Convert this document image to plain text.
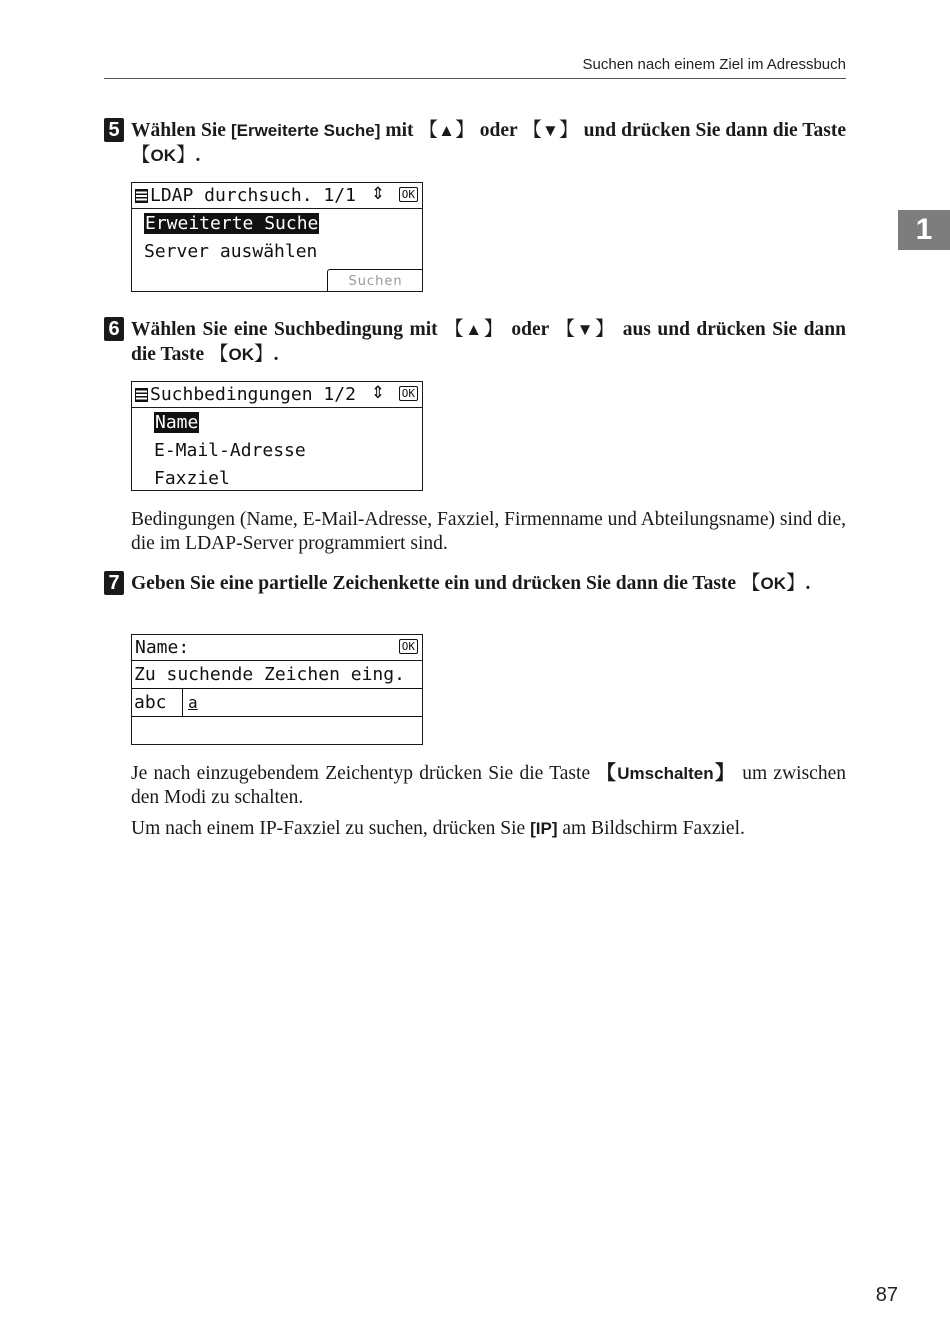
Suchen nach einem Ziel im Adressbuch
1
5 Wählen Sie [Erweiterte Suche] mit 【▲】 oder 【▼】 und drücken Sie dann die Taste 【OK】.
LDAP durchsuch. 1/1 ⇕ OK
Erweiterte Suche
Server auswählen
Suchen
6 Wählen Sie eine Suchbedingung mit 【▲】 oder 【▼】 aus und drücken Sie dann die Taste 【OK】.
Suchbedingungen 1/2 ⇕ OK
Name
E-Mail-Adresse
Faxziel
Bedingungen (Name, E-Mail-Adresse, Faxziel, Firmenname und Abteilungsname) sind die, die im LDAP-Server programmiert sind.
7 Geben Sie eine partielle Zeichenkette ein und drücken Sie dann die Taste 【OK】.
Name:	OK
Zu suchende Zeichen eing.
abc a
Je nach einzugebendem Zeichentyp drücken Sie die Taste 【Umschalten】 um zwischen den Modi zu schalten.
Um nach einem IP-Faxziel zu suchen, drücken Sie [IP] am Bildschirm Faxziel.
87
